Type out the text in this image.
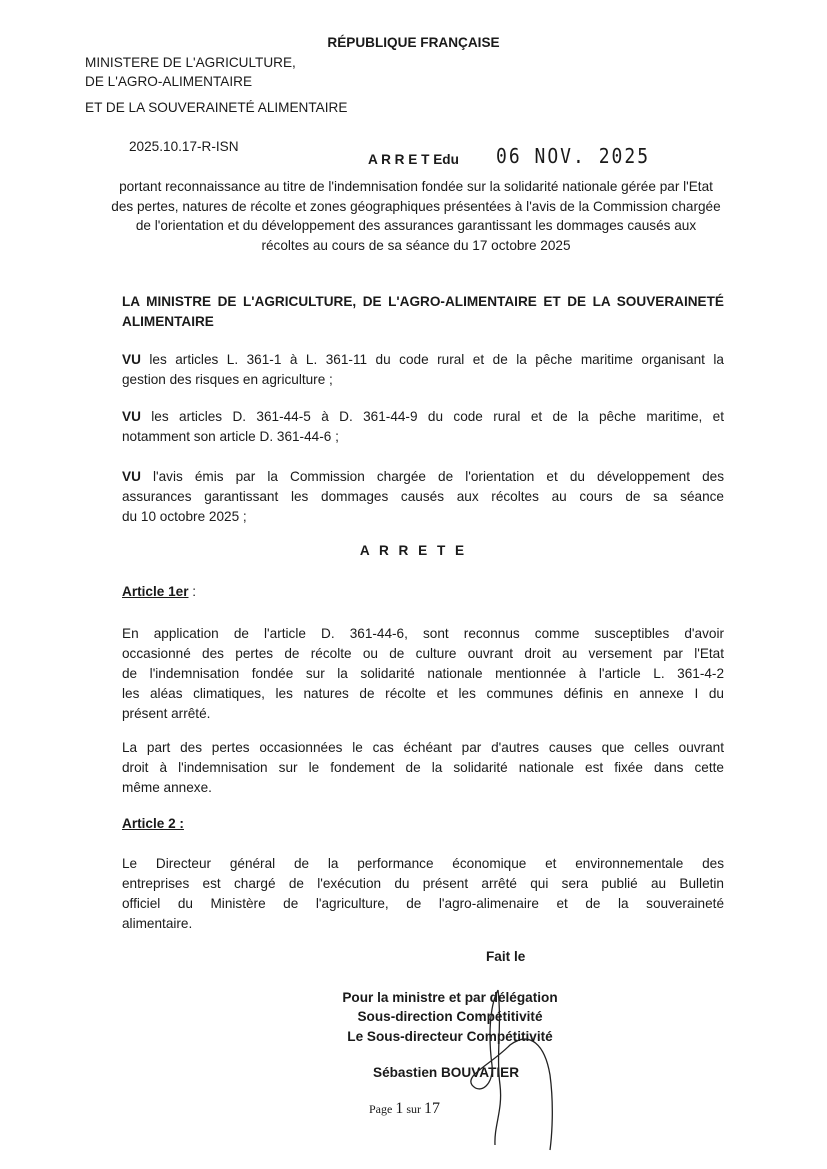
RÉPUBLIQUE FRANÇAISE
MINISTERE DE L'AGRICULTURE,
DE L'AGRO-ALIMENTAIRE
ET DE LA SOUVERAINETÉ ALIMENTAIRE
2025.10.17-R-ISN
A R R E T Edu 06 NOV. 2025
portant reconnaissance au titre de l'indemnisation fondée sur la solidarité nationale gérée par l'Etat
des pertes, natures de récolte et zones géographiques présentées à l'avis de la Commission chargée
de l'orientation et du développement des assurances garantissant les dommages causés aux
récoltes au cours de sa séance du 17 octobre 2025
LA MINISTRE DE L'AGRICULTURE, DE L'AGRO-ALIMENTAIRE ET DE LA SOUVERAINETÉ
ALIMENTAIRE
VU les articles L. 361-1 à L. 361-11 du code rural et de la pêche maritime organisant la
gestion des risques en agriculture ;
VU les articles D. 361-44-5 à D. 361-44-9 du code rural et de la pêche maritime, et
notamment son article D. 361-44-6 ;
VU l'avis émis par la Commission chargée de l'orientation et du développement des
assurances garantissant les dommages causés aux récoltes au cours de sa séance
du 10 octobre 2025 ;
A R R E T E
Article 1er :
En application de l'article D. 361-44-6, sont reconnus comme susceptibles d'avoir
occasionné des pertes de récolte ou de culture ouvrant droit au versement par l'Etat
de l'indemnisation fondée sur la solidarité nationale mentionnée à l'article L. 361-4-2
les aléas climatiques, les natures de récolte et les communes définis en annexe I du
présent arrêté.
La part des pertes occasionnées le cas échéant par d'autres causes que celles ouvrant
droit à l'indemnisation sur le fondement de la solidarité nationale est fixée dans cette
même annexe.
Article 2 :
Le Directeur général de la performance économique et environnementale des
entreprises est chargé de l'exécution du présent arrêté qui sera publié au Bulletin
officiel du Ministère de l'agriculture, de l'agro-alimenaire et de la souveraineté
alimentaire.
Fait le
Pour la ministre et par délégation
Sous-direction Compétitivité
Le Sous-directeur Compétitivité
Sébastien BOUVATIER
Page 1 sur 17
